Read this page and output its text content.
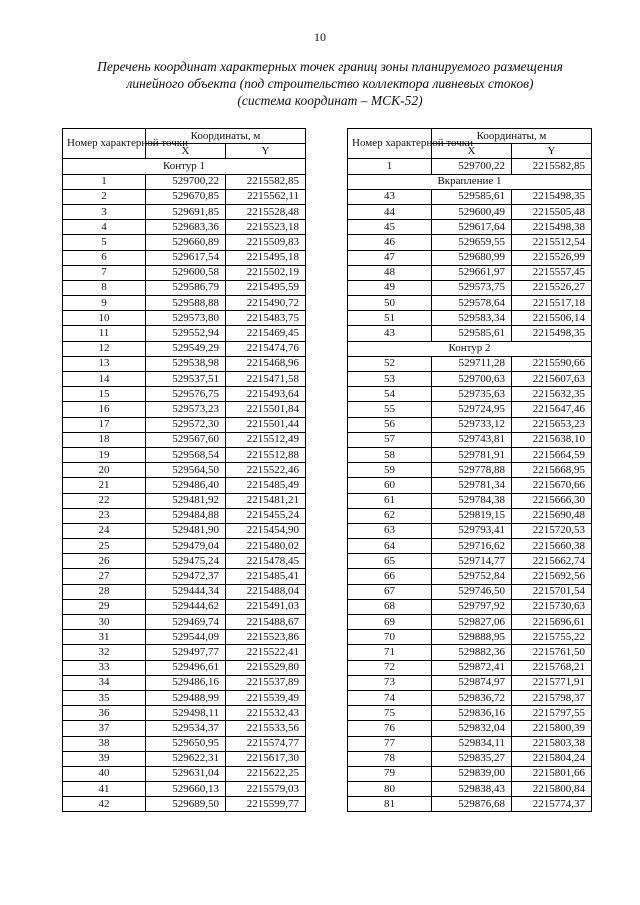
10
Перечень координат характерных точек границ зоны планируемого размещения
линейного объекта (под строительство коллектора ливневых стоков)
(система координат – МСК-52)
Номер характерной точки	Координаты, м	
	X	Y
Контур 1		
1	529700,22	2215582,85
2	529670,85	2215562,11
3	529691,85	2215528,48
4	529683,36	2215523,18
5	529660,89	2215509,83
6	529617,54	2215495,18
7	529600,58	2215502,19
8	529586,79	2215495,59
9	529588,88	2215490,72
10	529573,80	2215483,75
11	529552,94	2215469,45
12	529549,29	2215474,76
13	529538,98	2215468,96
14	529537,51	2215471,58
15	529576,75	2215493,64
16	529573,23	2215501,84
17	529572,30	2215501,44
18	529567,60	2215512,49
19	529568,54	2215512,88
20	529564,50	2215522,46
21	529486,40	2215485,49
22	529481,92	2215481,21
23	529484,88	2215455,24
24	529481,90	2215454,90
25	529479,04	2215480,02
26	529475,24	2215478,45
27	529472,37	2215485,41
28	529444,34	2215488,04
29	529444,62	2215491,03
30	529469,74	2215488,67
31	529544,09	2215523,86
32	529497,77	2215522,41
33	529496,61	2215529,80
34	529486,16	2215537,89
35	529488,99	2215539,49
36	529498,11	2215532,43
37	529534,37	2215533,56
38	529650,95	2215574,77
39	529622,31	2215617,30
40	529631,04	2215622,25
41	529660,13	2215579,03
42	529689,50	2215599,77
Номер характерной точки	Координаты, м	
	X	Y
1	529700,22	2215582,85
Вкрапление 1		
43	529585,61	2215498,35
44	529600,49	2215505,48
45	529617,64	2215498,38
46	529659,55	2215512,54
47	529680,99	2215526,99
48	529661,97	2215557,45
49	529573,75	2215526,27
50	529578,64	2215517,18
51	529583,34	2215506,14
43	529585,61	2215498,35
Контур 2		
52	529711,28	2215590,66
53	529700,63	2215607,63
54	529735,63	2215632,35
55	529724,95	2215647,46
56	529733,12	2215653,23
57	529743,81	2215638,10
58	529781,91	2215664,59
59	529778,88	2215668,95
60	529781,34	2215670,66
61	529784,38	2215666,30
62	529819,15	2215690,48
63	529793,41	2215720,53
64	529716,62	2215660,38
65	529714,77	2215662,74
66	529752,84	2215692,56
67	529746,50	2215701,54
68	529797,92	2215730,63
69	529827,06	2215696,61
70	529888,95	2215755,22
71	529882,36	2215761,50
72	529872,41	2215768,21
73	529874,97	2215771,91
74	529836,72	2215798,37
75	529836,16	2215797,55
76	529832,04	2215800,39
77	529834,11	2215803,38
78	529835,27	2215804,24
79	529839,00	2215801,66
80	529838,43	2215800,84
81	529876,68	2215774,37
